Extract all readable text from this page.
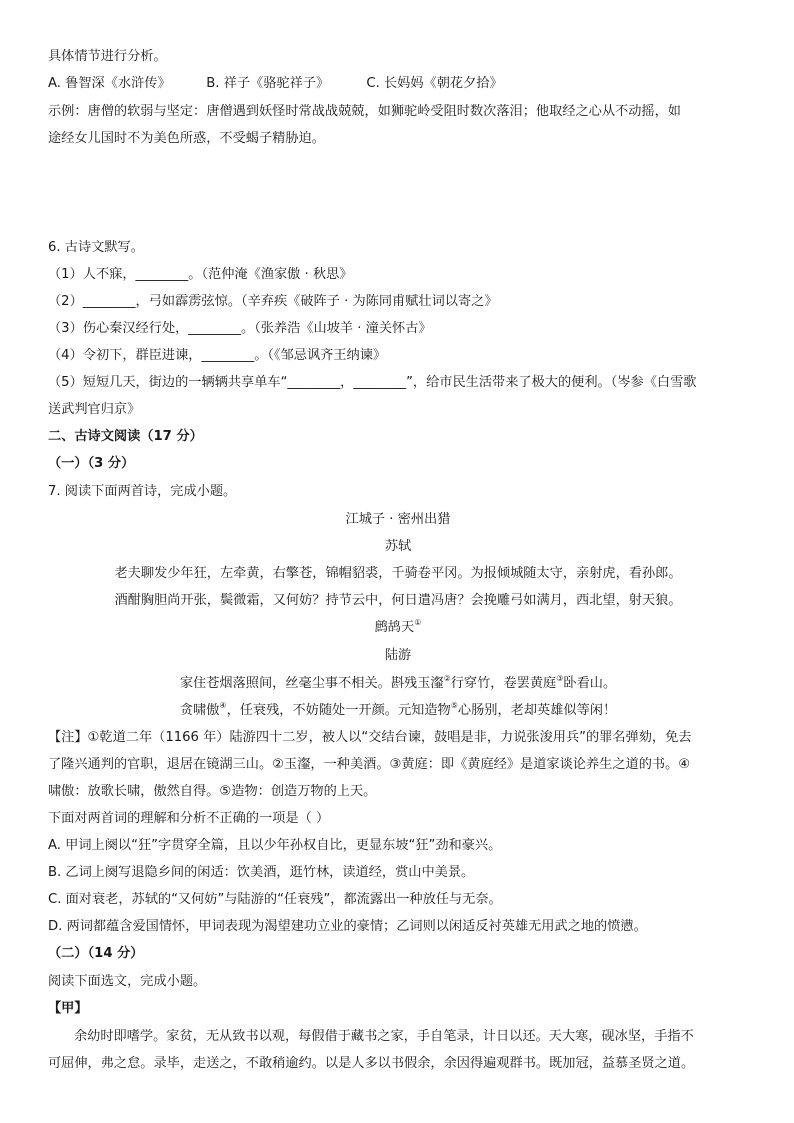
具体情节进行分析。
A. 鲁智深《水浒传》	B. 祥子《骆驼祥子》	C. 长妈妈《朝花夕拾》
示例：唐僧的软弱与坚定：唐僧遇到妖怪时常战战兢兢，如狮驼岭受阻时数次落泪；他取经之心从不动摇，如
途经女儿国时不为美色所惑，不受蝎子精胁迫。
6. 古诗文默写。
（1）人不寐，________。（范仲淹《渔家傲 · 秋思》
（2）________，弓如霹雳弦惊。（辛弃疾《破阵子 · 为陈同甫赋壮词以寄之》
（3）伤心秦汉经行处，________。（张养浩《山坡羊 · 潼关怀古》
（4）令初下，群臣进谏，________。（《邹忌讽齐王纳谏》
（5）短短几天，街边的一辆辆共享单车“________，________”，给市民生活带来了极大的便利。（岑参《白雪歌
送武判官归京》
二、古诗文阅读（17 分）
（一）（3 分）
7. 阅读下面两首诗，完成小题。
江城子 · 密州出猎
苏轼
老夫聊发少年狂，左牵黄，右擎苍，锦帽貂裘，千骑卷平冈。为报倾城随太守，亲射虎，看孙郎。
酒酣胸胆尚开张，鬓微霜，又何妨？持节云中，何日遣冯唐？会挽雕弓如满月，西北望，射天狼。
鹧鸪天①
陆游
家住苍烟落照间，丝毫尘事不相关。斟残玉瀣②行穿竹，卷罢黄庭③卧看山。
贪啸傲④，任衰残，不妨随处一开颜。元知造物⑤心肠别，老却英雄似等闲！
【注】①乾道二年（1166 年）陆游四十二岁，被人以“交结台谏，鼓唱是非，力说张浚用兵”的罪名弹劾，免去
了隆兴通判的官职，退居在镜湖三山。②玉瀣，一种美酒。③黄庭：即《黄庭经》是道家谈论养生之道的书。④
啸傲：放歌长啸，傲然自得。⑤造物：创造万物的上天。
下面对两首词的理解和分析不正确的一项是（ ）
A. 甲词上阕以“狂”字贯穿全篇，且以少年孙权自比，更显东坡“狂”劲和豪兴。
B. 乙词上阕写退隐乡间的闲适：饮美酒，逛竹林，读道经，赏山中美景。
C. 面对衰老，苏轼的“又何妨”与陆游的“任衰残”，都流露出一种放任与无奈。
D. 两词都蕴含爱国情怀，甲词表现为渴望建功立业的豪情；乙词则以闲适反衬英雄无用武之地的愤懑。
（二）（14 分）
阅读下面选文，完成小题。
【甲】
余幼时即嗜学。家贫，无从致书以观，每假借于藏书之家，手自笔录，计日以还。天大寒，砚冰坚，手指不
可屈伸，弗之怠。录毕，走送之，不敢稍逾约。以是人多以书假余，余因得遍观群书。既加冠，益慕圣贤之道。
